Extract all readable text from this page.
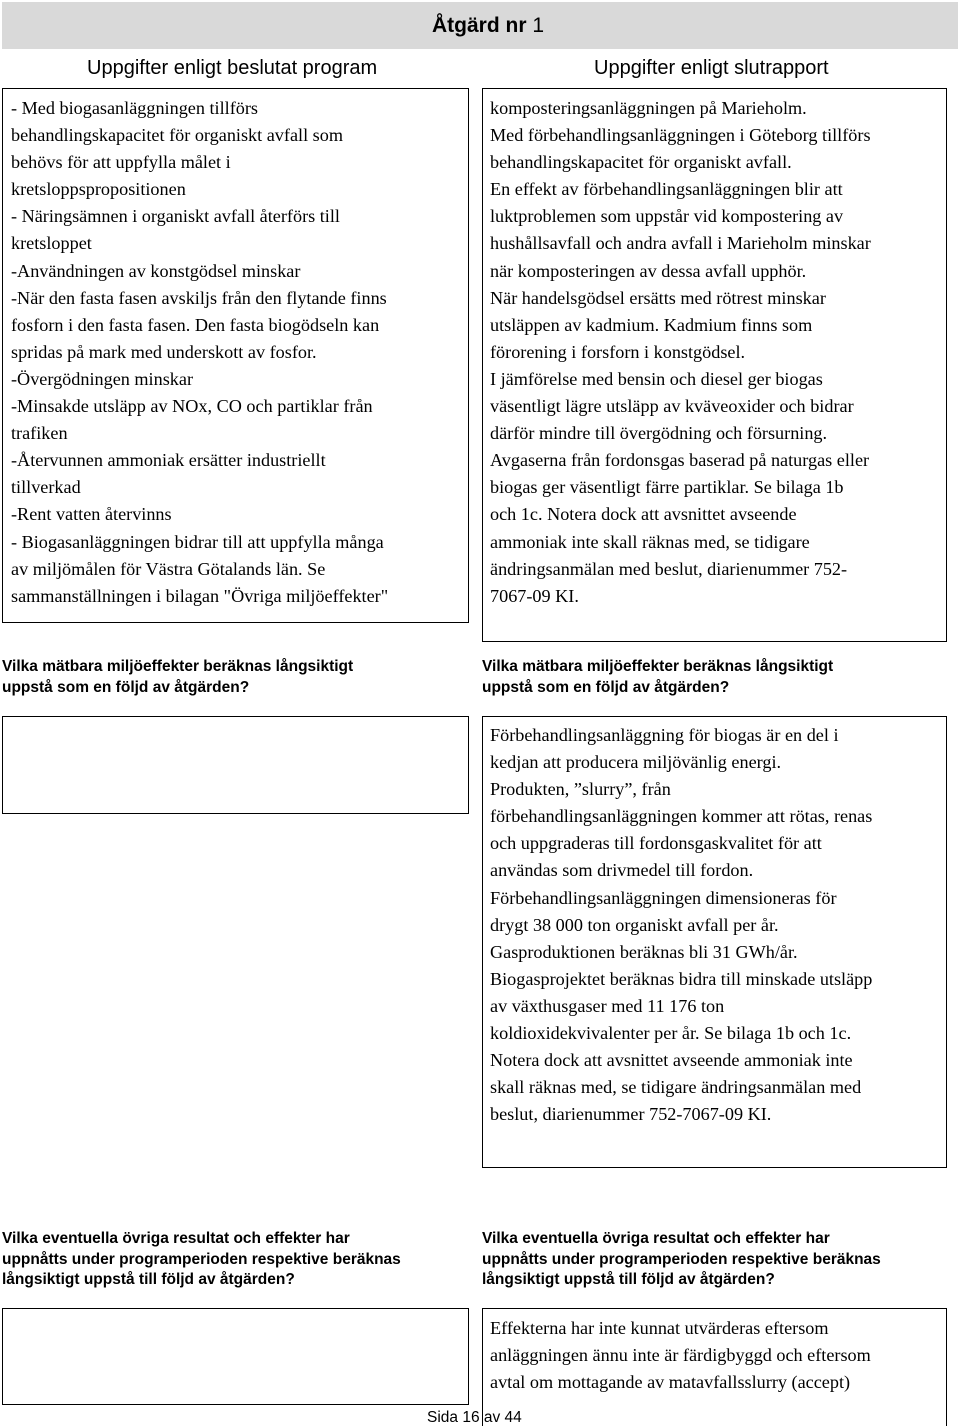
Åtgärd nr 1
Uppgifter enligt beslutat program	Uppgifter enligt slutrapport
- Med biogasanläggningen tillförs
behandlingskapacitet för organiskt avfall som
behövs för att uppfylla målet i
kretsloppspropositionen
- Näringsämnen i organiskt avfall återförs till
kretsloppet
-Användningen av konstgödsel minskar
-När den fasta fasen avskiljs från den flytande finns
fosforn i den fasta fasen. Den fasta biogödseln kan
spridas på mark med underskott av fosfor.
-Övergödningen minskar
-Minsakde utsläpp av NOx, CO och partiklar från
trafiken
-Återvunnen ammoniak ersätter industriellt
tillverkad
-Rent vatten återvinns
- Biogasanläggningen bidrar till att uppfylla många
av miljömålen för Västra Götalands län. Se
sammanställningen i bilagan "Övriga miljöeffekter"
komposteringsanläggningen på Marieholm.
Med förbehandlingsanläggningen i Göteborg tillförs
behandlingskapacitet för organiskt avfall.
En effekt av förbehandlingsanläggningen blir att
luktproblemen som uppstår vid kompostering av
hushållsavfall och andra avfall i Marieholm minskar
när komposteringen av dessa avfall upphör.
När handelsgödsel ersätts med rötrest minskar
utsläppen av kadmium. Kadmium finns som
förorening i forsforn i konstgödsel.
I jämförelse med bensin och diesel ger biogas
väsentligt lägre utsläpp av kväveoxider och bidrar
därför mindre till övergödning och försurning.
Avgaserna från fordonsgas baserad på naturgas eller
biogas ger väsentligt färre partiklar. Se bilaga 1b
och 1c. Notera dock att avsnittet avseende
ammoniak inte skall räknas med, se tidigare
ändringsanmälan med beslut, diarienummer 752-
7067-09 KI.
Vilka mätbara miljöeffekter beräknas långsiktigt
uppstå som en följd av åtgärden?
Vilka mätbara miljöeffekter beräknas långsiktigt
uppstå som en följd av åtgärden?
Förbehandlingsanläggning för biogas är en del i
kedjan att producera miljövänlig energi.
Produkten, ”slurry”, från
förbehandlingsanläggningen kommer att rötas, renas
och uppgraderas till fordonsgaskvalitet för att
användas som drivmedel till fordon.
Förbehandlingsanläggningen dimensioneras för
drygt 38 000 ton organiskt avfall per år.
Gasproduktionen beräknas bli 31 GWh/år.
Biogasprojektet beräknas bidra till minskade utsläpp
av växthusgaser med 11 176 ton
koldioxidekvivalenter per år. Se bilaga 1b och 1c.
Notera dock att avsnittet avseende ammoniak inte
skall räknas med, se tidigare ändringsanmälan med
beslut, diarienummer 752-7067-09 KI.
Vilka eventuella övriga resultat och effekter har
uppnåtts under programperioden respektive beräknas
långsiktigt uppstå till följd av åtgärden?
Vilka eventuella övriga resultat och effekter har
uppnåtts under programperioden respektive beräknas
långsiktigt uppstå till följd av åtgärden?
Effekterna har inte kunnat utvärderas eftersom
anläggningen ännu inte är färdigbyggd och eftersom
avtal om mottagande av matavfallsslurry (accept)
Sida 16 av 44
